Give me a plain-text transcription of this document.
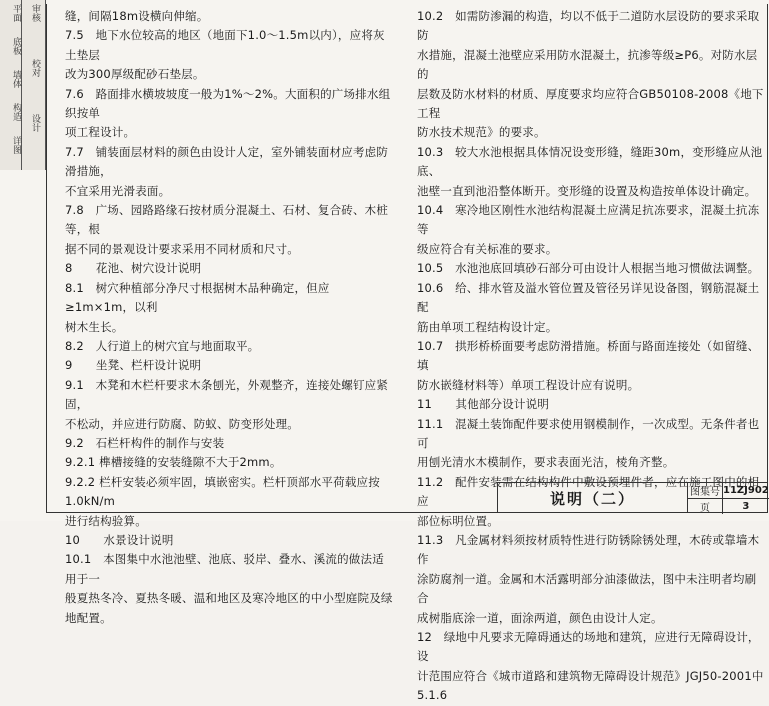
平面
底板
墙体
构造
详图
审核
校对
设计

缝，间隔18m设横向伸缩。

7.5　地下水位较高的地区（地面下1.0～1.5m以内），应将灰土垫层

改为300厚级配砂石垫层。

7.6　路面排水横坡坡度一般为1%～2%。大面积的广场排水组织按单

项工程设计。

7.7　铺装面层材料的颜色由设计人定，室外铺装面材应考虑防滑措施，

不宜采用光滑表面。

7.8　广场、园路路缘石按材质分混凝土、石材、复合砖、木桩等，根

据不同的景观设计要求采用不同材质和尺寸。

8　　花池、树穴设计说明

8.1　树穴种植部分净尺寸根据树木品种确定，但应≥1m×1m，以利

树木生长。

8.2　人行道上的树穴宜与地面取平。

9　　坐凳、栏杆设计说明

9.1　木凳和木栏杆要求木条刨光，外观整齐，连接处螺钉应紧固，

不松动，并应进行防腐、防蚁、防变形处理。

9.2　石栏杆构件的制作与安装

9.2.1 榫槽接缝的安装缝隙不大于2mm。

9.2.2 栏杆安装必须牢固，填嵌密实。栏杆顶部水平荷载应按1.0kN/m

进行结构验算。

10　　水景设计说明

10.1　本图集中水池池壁、池底、驳岸、叠水、溪流的做法适用于一

般夏热冬冷、夏热冬暖、温和地区及寒冷地区的中小型庭院及绿地配置。

10.2　如需防渗漏的构造，均以不低于二道防水层设防的要求采取防

水措施，混凝土池壁应采用防水混凝土，抗渗等级≥P6。对防水层的

层数及防水材料的材质、厚度要求均应符合GB50108-2008《地下工程

防水技术规范》的要求。

10.3　较大水池根据具体情况设变形缝，缝距30m，变形缝应从池底、

池壁一直到池沿整体断开。变形缝的设置及构造按单体设计确定。

10.4　寒冷地区刚性水池结构混凝土应满足抗冻要求，混凝土抗冻等

级应符合有关标准的要求。

10.5　水池池底回填砂石部分可由设计人根据当地习惯做法调整。

10.6　给、排水管及溢水管位置及管径另详见设备图，钢筋混凝土配

筋由单项工程结构设计定。

10.7　拱形桥桥面要考虑防滑措施。桥面与路面连接处（如留缝、填

防水嵌缝材料等）单项工程设计应有说明。

11　　其他部分设计说明

11.1　混凝土装饰配件要求使用钢模制作，一次成型。无条件者也可

用刨光清水木模制作，要求表面光洁，棱角齐整。

11.2　配件安装需在结构构件中敷设预埋件者，应在施工图中的相应

部位标明位置。

11.3　凡金属材料须按材质特性进行防锈除锈处理，木砖或靠墙木作

涂防腐剂一道。金属和木活露明部分油漆做法，图中未注明者均刷合

成树脂底涂一道，面涂两道，颜色由设计人定。

12　绿地中凡要求无障碍通达的场地和建筑，应进行无障碍设计，设

计范围应符合《城市道路和建筑物无障碍设计规范》JGJ50-2001中5.1.6

说明（二）	图集号 11ZJ902
页	3
